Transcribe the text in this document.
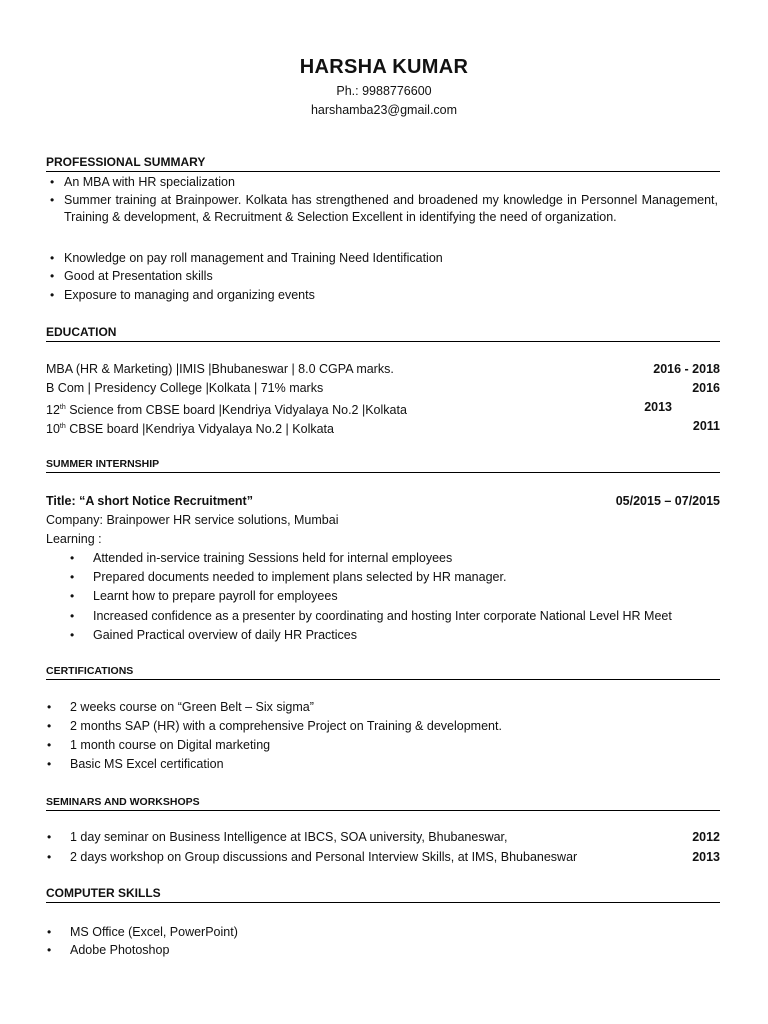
HARSHA KUMAR
Ph.: 9988776600
harshamba23@gmail.com
PROFESSIONAL SUMMARY
• An MBA with HR specialization
• Summer training at Brainpower. Kolkata has strengthened and broadened my knowledge in Personnel Management, Training & development, & Recruitment & Selection Excellent in identifying the need of organization.
• Knowledge on pay roll management and Training Need Identification
• Good at Presentation skills
• Exposure to managing and organizing events
EDUCATION
MBA (HR & Marketing) |IMIS |Bhubaneswar | 8.0 CGPA marks.	2016 - 2018
B Com | Presidency College |Kolkata | 71% marks	2016
12th Science from CBSE board |Kendriya Vidyalaya No.2 |Kolkata	2013
10th CBSE board |Kendriya Vidyalaya No.2 | Kolkata	2011
SUMMER INTERNSHIP
Title: “A short Notice Recruitment”	05/2015 – 07/2015
Company: Brainpower HR service solutions, Mumbai
Learning :
• Attended in-service training Sessions held for internal employees
• Prepared documents needed to implement plans selected by HR manager.
• Learnt how to prepare payroll for employees
• Increased confidence as a presenter by coordinating and hosting Inter corporate National Level HR Meet
• Gained Practical overview of daily HR Practices
CERTIFICATIONS
• 2 weeks course on “Green Belt – Six sigma”
• 2 months SAP (HR) with a comprehensive Project on Training & development.
• 1 month course on Digital marketing
• Basic MS Excel certification
SEMINARS AND WORKSHOPS
• 1 day seminar on Business Intelligence at IBCS, SOA university, Bhubaneswar,	2012
• 2 days workshop on Group discussions and Personal Interview Skills, at IMS, Bhubaneswar	2013
COMPUTER SKILLS
• MS Office (Excel, PowerPoint)
• Adobe Photoshop
